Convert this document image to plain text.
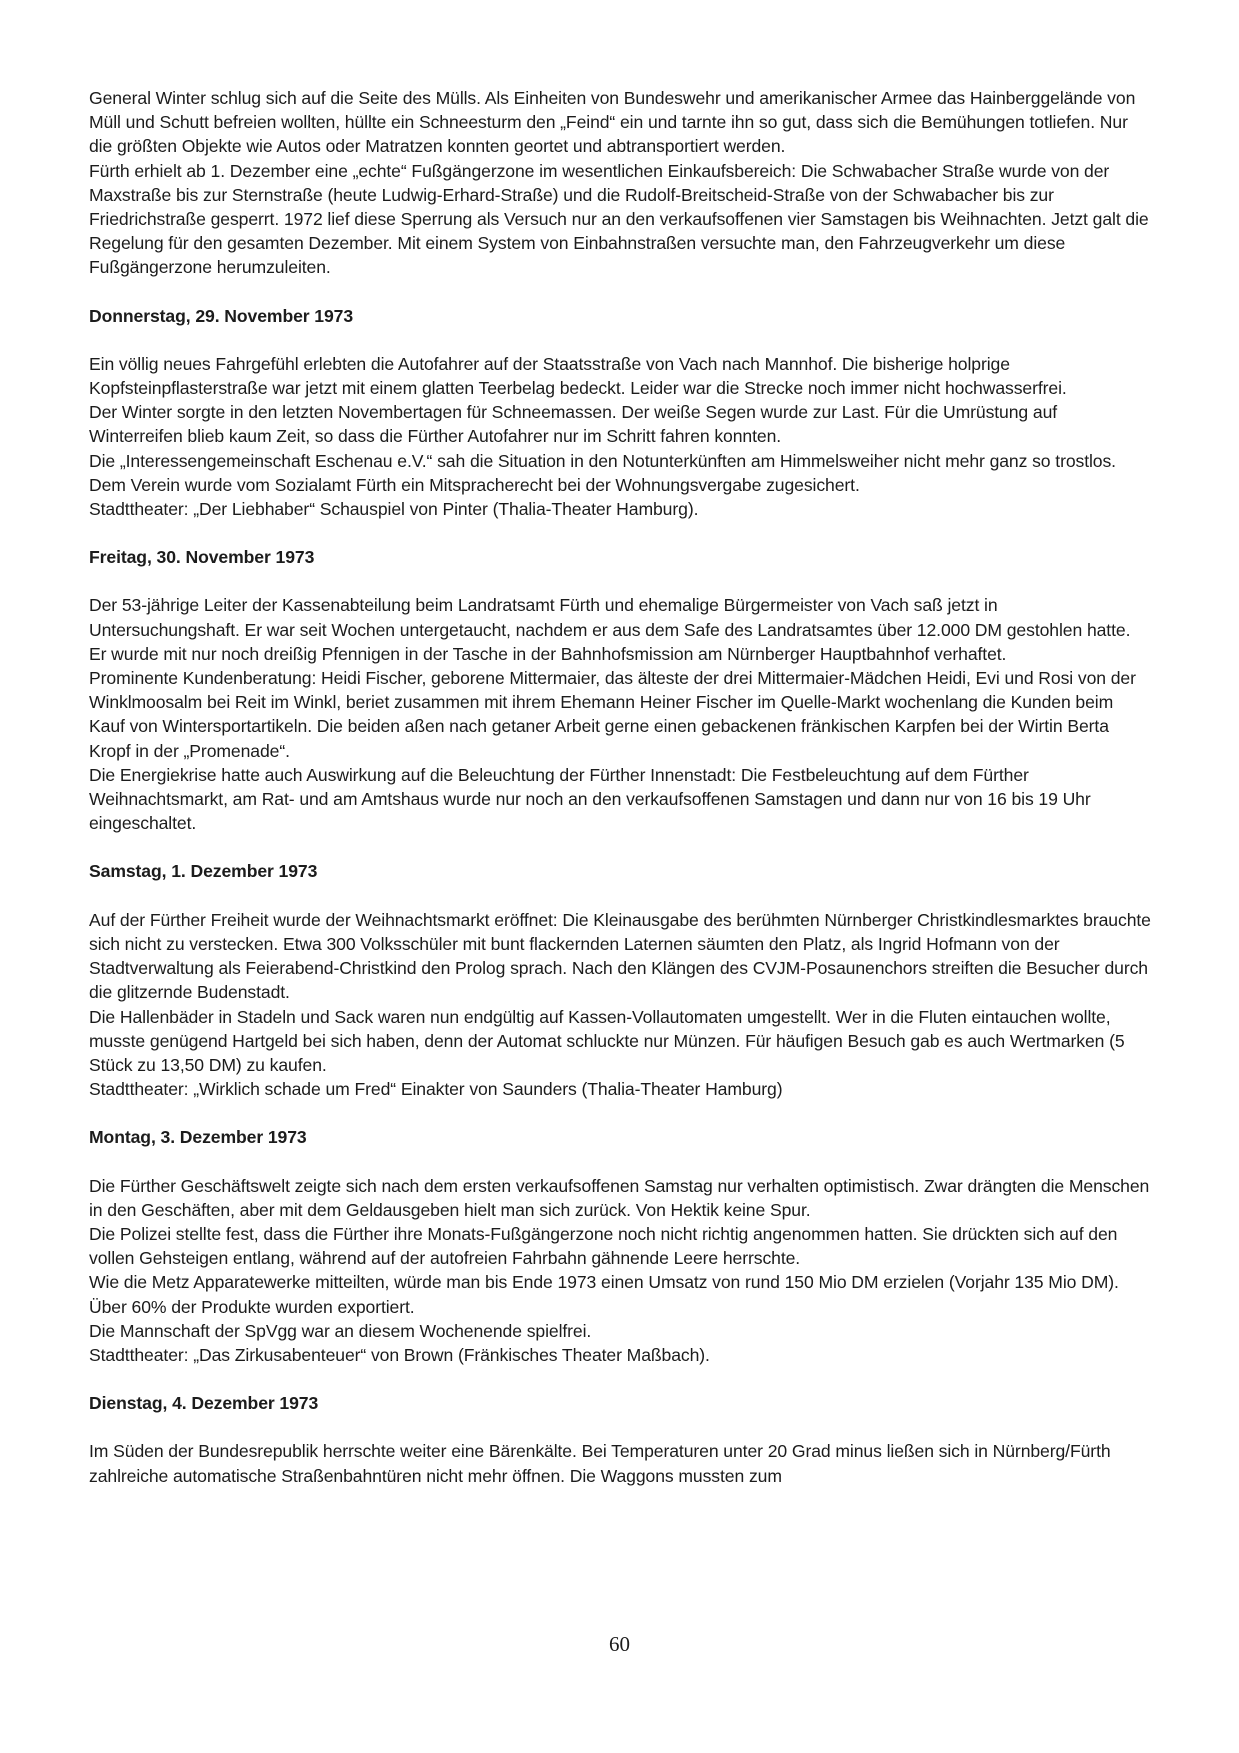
General Winter schlug sich auf die Seite des Mülls. Als Einheiten von Bundeswehr und amerikanischer Armee das Hainberggelände von Müll und Schutt befreien wollten, hüllte ein Schneesturm den „Feind“ ein und tarnte ihn so gut, dass sich die Bemühungen totliefen. Nur die größten Objekte wie Autos oder Matratzen konnten geortet und abtransportiert werden.

Fürth erhielt ab 1. Dezember eine „echte“ Fußgängerzone im wesentlichen Einkaufsbereich: Die Schwabacher Straße wurde von der Maxstraße bis zur Sternstraße (heute Ludwig-Erhard-Straße) und die Rudolf-Breitscheid-Straße von der Schwabacher bis zur Friedrichstraße gesperrt. 1972 lief diese Sperrung als Versuch nur an den verkaufsoffenen vier Samstagen bis Weihnachten. Jetzt galt die Regelung für den gesamten Dezember. Mit einem System von Einbahnstraßen versuchte man, den Fahrzeugverkehr um diese Fußgängerzone herumzuleiten.

Donnerstag, 29. November 1973

Ein völlig neues Fahrgefühl erlebten die Autofahrer auf der Staatsstraße von Vach nach Mannhof. Die bisherige holprige Kopfsteinpflasterstraße war jetzt mit einem glatten Teerbelag bedeckt. Leider war die Strecke noch immer nicht hochwasserfrei.

Der Winter sorgte in den letzten Novembertagen für Schneemassen. Der weiße Segen wurde zur Last. Für die Umrüstung auf Winterreifen blieb kaum Zeit, so dass die Fürther Autofahrer nur im Schritt fahren konnten.

Die „Interessengemeinschaft Eschenau e.V.“ sah die Situation in den Notunterkünften am Himmelsweiher nicht mehr ganz so trostlos. Dem Verein wurde vom Sozialamt Fürth ein Mitspracherecht bei der Wohnungsvergabe zugesichert.

Stadttheater: „Der Liebhaber“ Schauspiel von Pinter (Thalia-Theater Hamburg).

Freitag, 30. November 1973

Der 53-jährige Leiter der Kassenabteilung beim Landratsamt Fürth und ehemalige Bürgermeister von Vach saß jetzt in Untersuchungshaft. Er war seit Wochen untergetaucht, nachdem er aus dem Safe des Landratsamtes über 12.000 DM gestohlen hatte. Er wurde mit nur noch dreißig Pfennigen in der Tasche in der Bahnhofsmission am Nürnberger Hauptbahnhof verhaftet.

Prominente Kundenberatung: Heidi Fischer, geborene Mittermaier, das älteste der drei Mittermaier-Mädchen Heidi, Evi und Rosi von der Winklmoosalm bei Reit im Winkl, beriet zusammen mit ihrem Ehemann Heiner Fischer im Quelle-Markt wochenlang die Kunden beim Kauf von Wintersportartikeln. Die beiden aßen nach getaner Arbeit gerne einen gebackenen fränkischen Karpfen bei der Wirtin Berta Kropf in der „Promenade“.

Die Energiekrise hatte auch Auswirkung auf die Beleuchtung der Fürther Innenstadt: Die Festbeleuchtung auf dem Fürther Weihnachtsmarkt, am Rat- und am Amtshaus wurde nur noch an den verkaufsoffenen Samstagen und dann nur von 16 bis 19 Uhr eingeschaltet.

Samstag, 1. Dezember 1973

Auf der Fürther Freiheit wurde der Weihnachtsmarkt eröffnet: Die Kleinausgabe des berühmten Nürnberger Christkindlesmarktes brauchte sich nicht zu verstecken. Etwa 300 Volksschüler mit bunt flackernden Laternen säumten den Platz, als Ingrid Hofmann von der Stadtverwaltung als Feierabend-Christkind den Prolog sprach. Nach den Klängen des CVJM-Posaunenchors streiften die Besucher durch die glitzernde Budenstadt.

Die Hallenbäder in Stadeln und Sack waren nun endgültig auf Kassen-Vollautomaten umgestellt. Wer in die Fluten eintauchen wollte, musste genügend Hartgeld bei sich haben, denn der Automat schluckte nur Münzen. Für häufigen Besuch gab es auch Wertmarken (5 Stück zu 13,50 DM) zu kaufen.

Stadttheater: „Wirklich schade um Fred“ Einakter von Saunders (Thalia-Theater Hamburg)

Montag, 3. Dezember 1973

Die Fürther Geschäftswelt zeigte sich nach dem ersten verkaufsoffenen Samstag nur verhalten optimistisch. Zwar drängten die Menschen in den Geschäften, aber mit dem Geldausgeben hielt man sich zurück. Von Hektik keine Spur.

Die Polizei stellte fest, dass die Fürther ihre Monats-Fußgängerzone noch nicht richtig angenommen hatten. Sie drückten sich auf den vollen Gehsteigen entlang, während auf der autofreien Fahrbahn gähnende Leere herrschte.

Wie die Metz Apparatewerke mitteilten, würde man bis Ende 1973 einen Umsatz von rund 150 Mio DM erzielen (Vorjahr 135 Mio DM). Über 60% der Produkte wurden exportiert.

Die Mannschaft der SpVgg war an diesem Wochenende spielfrei.

Stadttheater: „Das Zirkusabenteuer“ von Brown (Fränkisches Theater Maßbach).

Dienstag, 4. Dezember 1973

Im Süden der Bundesrepublik herrschte weiter eine Bärenkälte. Bei Temperaturen unter 20 Grad minus ließen sich in Nürnberg/Fürth zahlreiche automatische Straßenbahntüren nicht mehr öffnen. Die Waggons mussten zum

60
